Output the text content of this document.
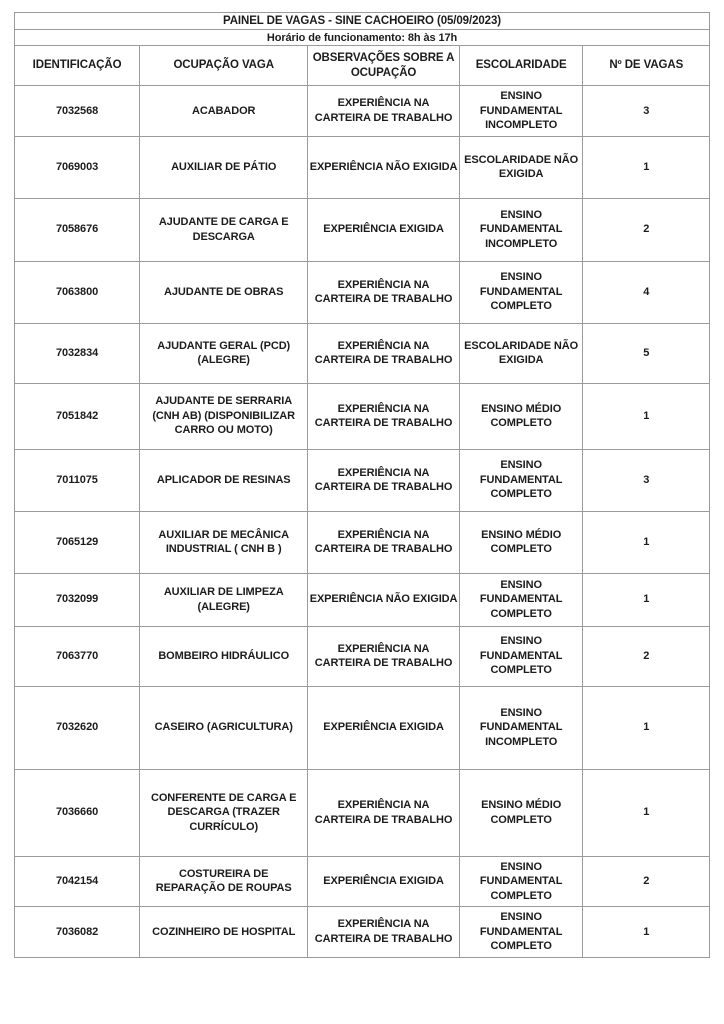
PAINEL DE VAGAS - SINE CACHOEIRO (05/09/2023)				
Horário de funcionamento: 8h às 17h				
IDENTIFICAÇÃO	OCUPAÇÃO VAGA	OBSERVAÇÕES SOBRE A OCUPAÇÃO	ESCOLARIDADE	Nº DE VAGAS
7032568	ACABADOR	EXPERIÊNCIA NA CARTEIRA DE TRABALHO	ENSINO FUNDAMENTAL INCOMPLETO	3
7069003	AUXILIAR DE PÁTIO	EXPERIÊNCIA NÃO EXIGIDA	ESCOLARIDADE NÃO EXIGIDA	1
7058676	AJUDANTE DE CARGA E DESCARGA	EXPERIÊNCIA EXIGIDA	ENSINO FUNDAMENTAL INCOMPLETO	2
7063800	AJUDANTE DE OBRAS	EXPERIÊNCIA NA CARTEIRA DE TRABALHO	ENSINO FUNDAMENTAL COMPLETO	4
7032834	AJUDANTE GERAL (PCD) (ALEGRE)	EXPERIÊNCIA NA CARTEIRA DE TRABALHO	ESCOLARIDADE NÃO EXIGIDA	5
7051842	AJUDANTE DE SERRARIA (CNH AB) (DISPONIBILIZAR CARRO OU MOTO)	EXPERIÊNCIA NA CARTEIRA DE TRABALHO	ENSINO MÉDIO COMPLETO	1
7011075	APLICADOR DE RESINAS	EXPERIÊNCIA NA CARTEIRA DE TRABALHO	ENSINO FUNDAMENTAL COMPLETO	3
7065129	AUXILIAR DE MECÂNICA INDUSTRIAL ( CNH B )	EXPERIÊNCIA NA CARTEIRA DE TRABALHO	ENSINO MÉDIO COMPLETO	1
7032099	AUXILIAR DE LIMPEZA (ALEGRE)	EXPERIÊNCIA NÃO EXIGIDA	ENSINO FUNDAMENTAL COMPLETO	1
7063770	BOMBEIRO HIDRÁULICO	EXPERIÊNCIA NA CARTEIRA DE TRABALHO	ENSINO FUNDAMENTAL COMPLETO	2
7032620	CASEIRO (AGRICULTURA)	EXPERIÊNCIA EXIGIDA	ENSINO FUNDAMENTAL INCOMPLETO	1
7036660	CONFERENTE DE CARGA E DESCARGA (TRAZER CURRÍCULO)	EXPERIÊNCIA NA CARTEIRA DE TRABALHO	ENSINO MÉDIO COMPLETO	1
7042154	COSTUREIRA DE REPARAÇÃO DE ROUPAS	EXPERIÊNCIA EXIGIDA	ENSINO FUNDAMENTAL COMPLETO	2
7036082	COZINHEIRO DE HOSPITAL	EXPERIÊNCIA NA CARTEIRA DE TRABALHO	ENSINO FUNDAMENTAL COMPLETO	1
